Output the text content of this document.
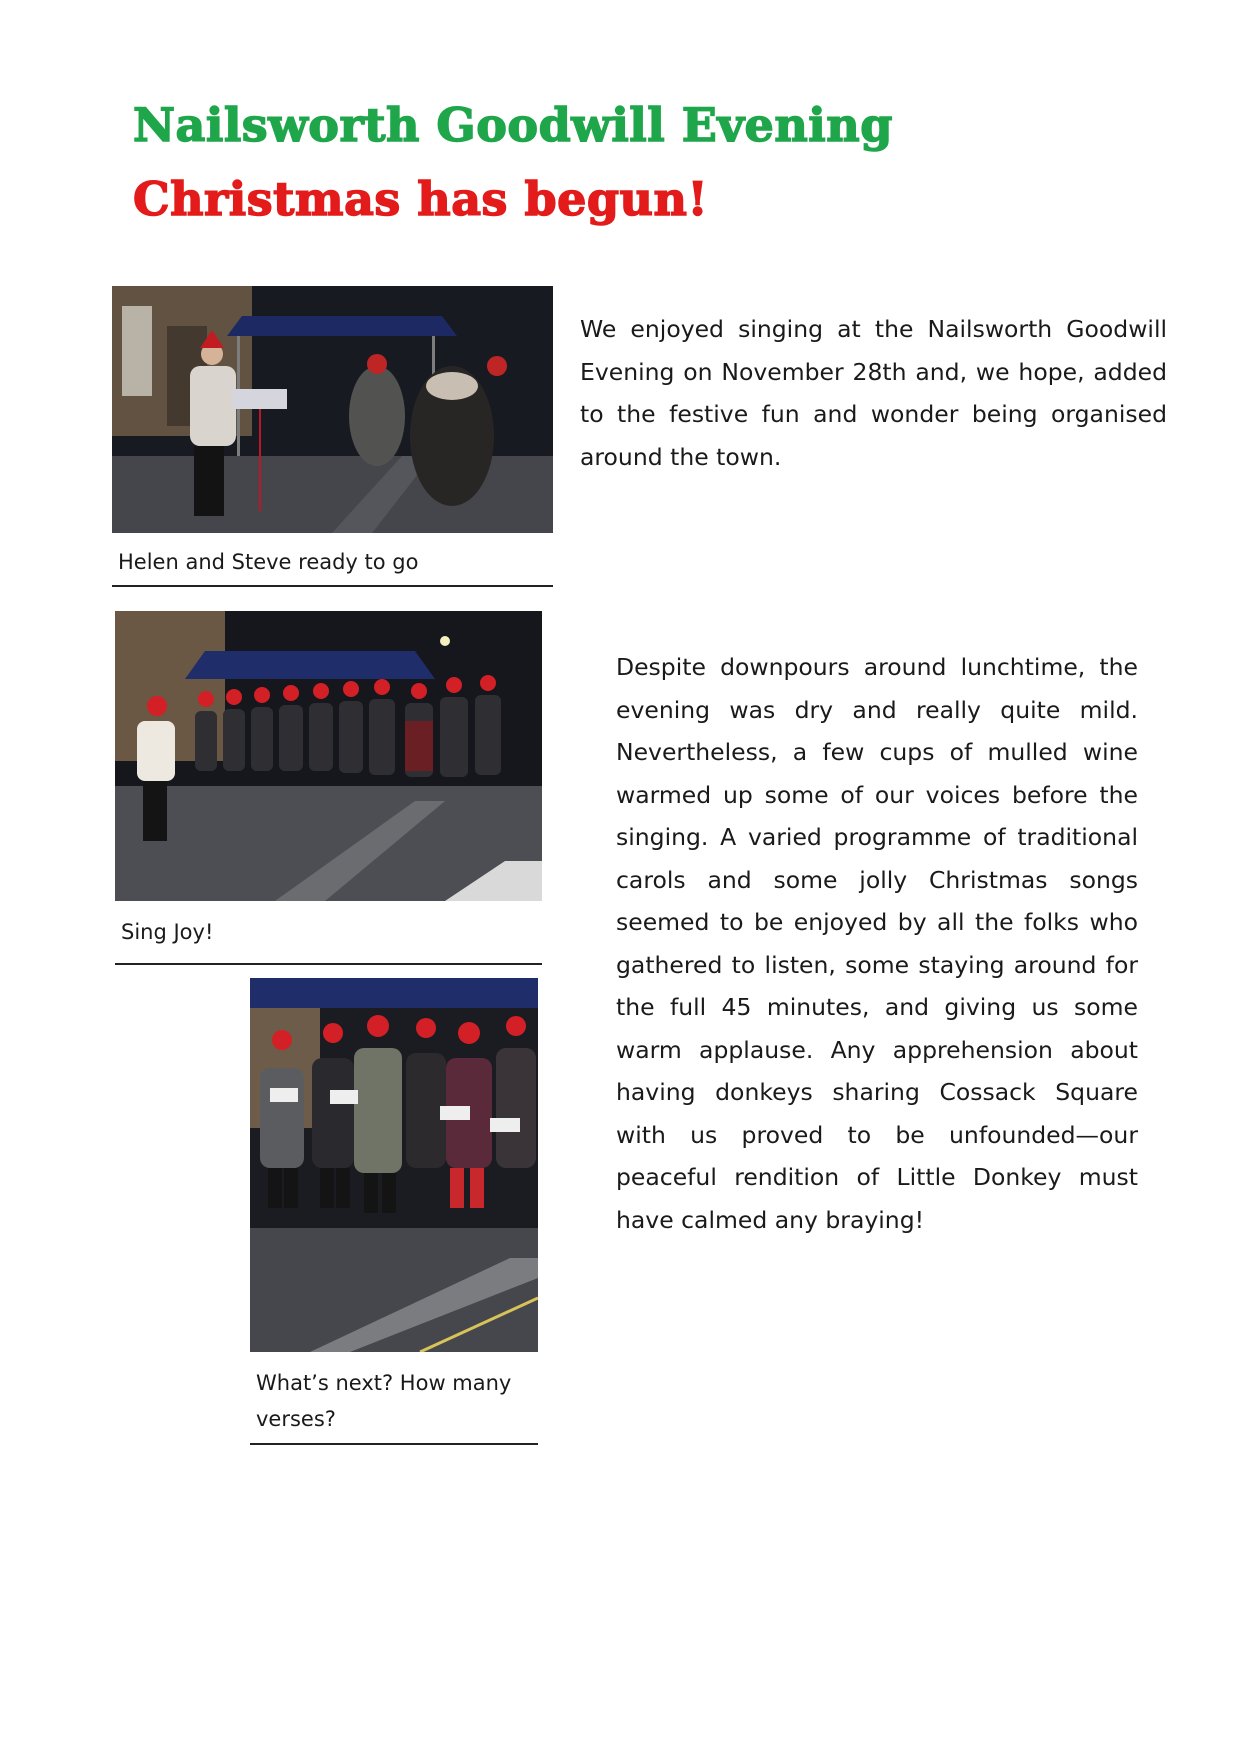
Nailsworth Goodwill Evening
Christmas has begun!
Helen and Steve ready to go
Sing Joy!
What’s next? How many verses?

We enjoyed singing at the Nailsworth Goodwill Evening on November 28th and, we hope, added to the festive fun and wonder being organised around the town.

Despite downpours around lunchtime, the evening was dry and really quite mild. Nevertheless, a few cups of mulled wine warmed up some of our voices before the singing. A varied programme of traditional carols and some jolly Christmas songs seemed to be enjoyed by all the folks who gathered to listen, some staying around for the full 45 minutes, and giving us some warm applause. Any apprehension about having donkeys sharing Cossack Square with us proved to be unfounded—our peaceful rendition of Little Donkey must have calmed any braying!
